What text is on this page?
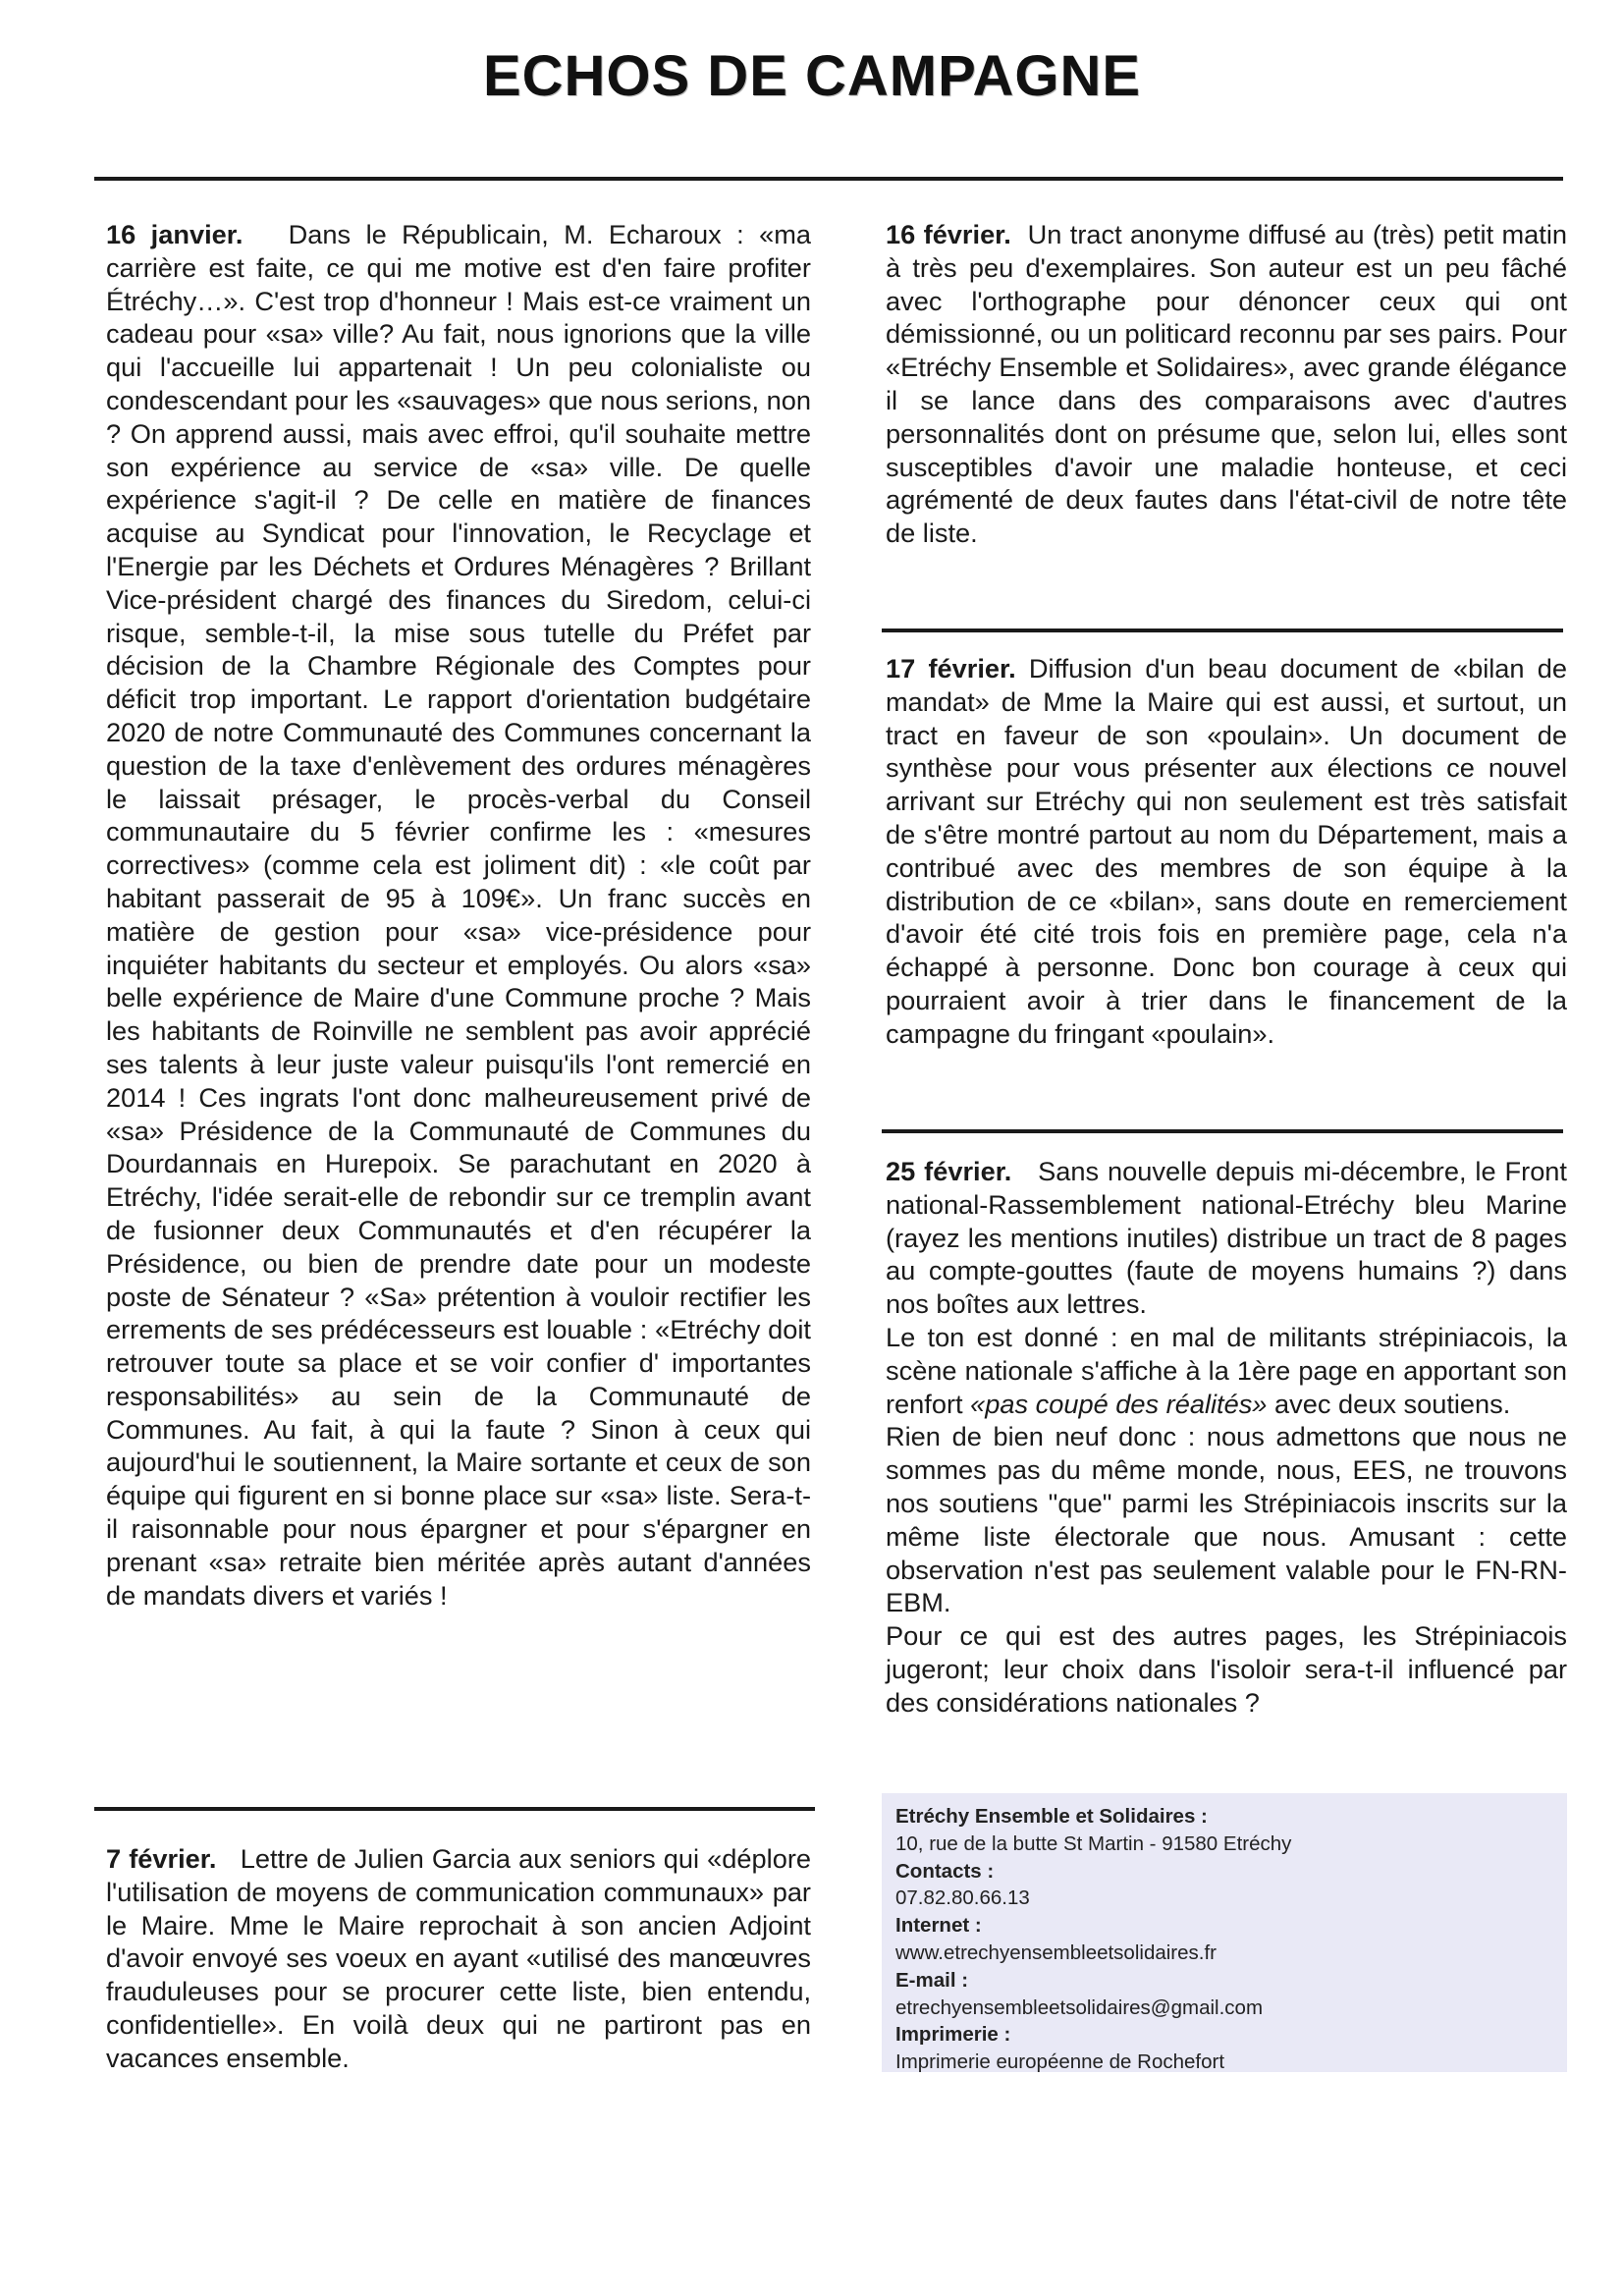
ECHOS DE CAMPAGNE

16 janvier. Dans le Républicain, M. Echaroux : «ma carrière est faite, ce qui me motive est d'en faire profiter Étréchy…». C'est trop d'honneur ! Mais est-ce vraiment un cadeau pour «sa» ville? Au fait, nous ignorions que la ville qui l'accueille lui appartenait ! Un peu colonialiste ou condescendant pour les «sauvages» que nous serions, non ? On apprend aussi, mais avec effroi, qu'il souhaite mettre son expérience au service de «sa» ville. De quelle expérience s'agit-il ? De celle en matière de finances acquise au Syndicat pour l'innovation, le Recyclage et l'Energie par les Déchets et Ordures Ménagères ? Brillant Vice-président chargé des finances du Siredom, celui-ci risque, semble-t-il, la mise sous tutelle du Préfet par décision de la Chambre Régionale des Comptes pour déficit trop important. Le rapport d'orientation budgétaire 2020 de notre Communauté des Communes concernant la question de la taxe d'enlèvement des ordures ménagères le laissait présager, le procès-verbal du Conseil communautaire du 5 février confirme les : «mesures correctives» (comme cela est joliment dit) : «le coût par habitant passerait de 95 à 109€». Un franc succès en matière de gestion pour «sa» vice-présidence pour inquiéter habitants du secteur et employés. Ou alors «sa» belle expérience de Maire d'une Commune proche ? Mais les habitants de Roinville ne semblent pas avoir apprécié ses talents à leur juste valeur puisqu'ils l'ont remercié en 2014 ! Ces ingrats l'ont donc malheureusement privé de «sa» Présidence de la Communauté de Communes du Dourdannais en Hurepoix. Se parachutant en 2020 à Etréchy, l'idée serait-elle de rebondir sur ce tremplin avant de fusionner deux Communautés et d'en récupérer la Présidence, ou bien de prendre date pour un modeste poste de Sénateur ? «Sa» prétention à vouloir rectifier les errements de ses prédécesseurs est louable : «Etréchy doit retrouver toute sa place et se voir confier d' importantes responsabilités» au sein de la Communauté de Communes. Au fait, à qui la faute ? Sinon à ceux qui aujourd'hui le soutiennent, la Maire sortante et ceux de son équipe qui figurent en si bonne place sur «sa» liste. Sera-t-il raisonnable pour nous épargner et pour s'épargner en prenant «sa» retraite bien méritée après autant d'années de mandats divers et variés !

7 février. Lettre de Julien Garcia aux seniors qui «déplore l'utilisation de moyens de communication communaux» par le Maire. Mme le Maire reprochait à son ancien Adjoint d'avoir envoyé ses voeux en ayant «utilisé des manœuvres frauduleuses pour se procurer cette liste, bien entendu, confidentielle». En voilà deux qui ne partiront pas en vacances ensemble.

16 février. Un tract anonyme diffusé au (très) petit matin à très peu d'exemplaires. Son auteur est un peu fâché avec l'orthographe pour dénoncer ceux qui ont démissionné, ou un politicard reconnu par ses pairs. Pour «Etréchy Ensemble et Solidaires», avec grande élégance il se lance dans des comparaisons avec d'autres personnalités dont on présume que, selon lui, elles sont susceptibles d'avoir une maladie honteuse, et ceci agrémenté de deux fautes dans l'état-civil de notre tête de liste.

17 février. Diffusion d'un beau document de «bilan de mandat» de Mme la Maire qui est aussi, et surtout, un tract en faveur de son «poulain». Un document de synthèse pour vous présenter aux élections ce nouvel arrivant sur Etréchy qui non seulement est très satisfait de s'être montré partout au nom du Département, mais a contribué avec des membres de son équipe à la distribution de ce «bilan», sans doute en remerciement d'avoir été cité trois fois en première page, cela n'a échappé à personne. Donc bon courage à ceux qui pourraient avoir à trier dans le financement de la campagne du fringant «poulain».

25 février. Sans nouvelle depuis mi-décembre, le Front national-Rassemblement national-Etréchy bleu Marine (rayez les mentions inutiles) distribue un tract de 8 pages au compte-gouttes (faute de moyens humains ?) dans nos boîtes aux lettres.

Le ton est donné : en mal de militants strépiniacois, la scène nationale s'affiche à la 1ère page en apportant son renfort «pas coupé des réalités» avec deux soutiens.

Rien de bien neuf donc : nous admettons que nous ne sommes pas du même monde, nous, EES, ne trouvons nos soutiens "que" parmi les Strépiniacois inscrits sur la même liste électorale que nous. Amusant : cette observation n'est pas seulement valable pour le FN-RN-EBM.

Pour ce qui est des autres pages, les Strépiniacois jugeront; leur choix dans l'isoloir sera-t-il influencé par des considérations nationales ?

Etréchy Ensemble et Solidaires :
10, rue de la butte St Martin - 91580 Etréchy
Contacts :
07.82.80.66.13
Internet :
www.etrechyensembleetsolidaires.fr
E-mail :
etrechyensembleetsolidaires@gmail.com
Imprimerie :
Imprimerie européenne de Rochefort
